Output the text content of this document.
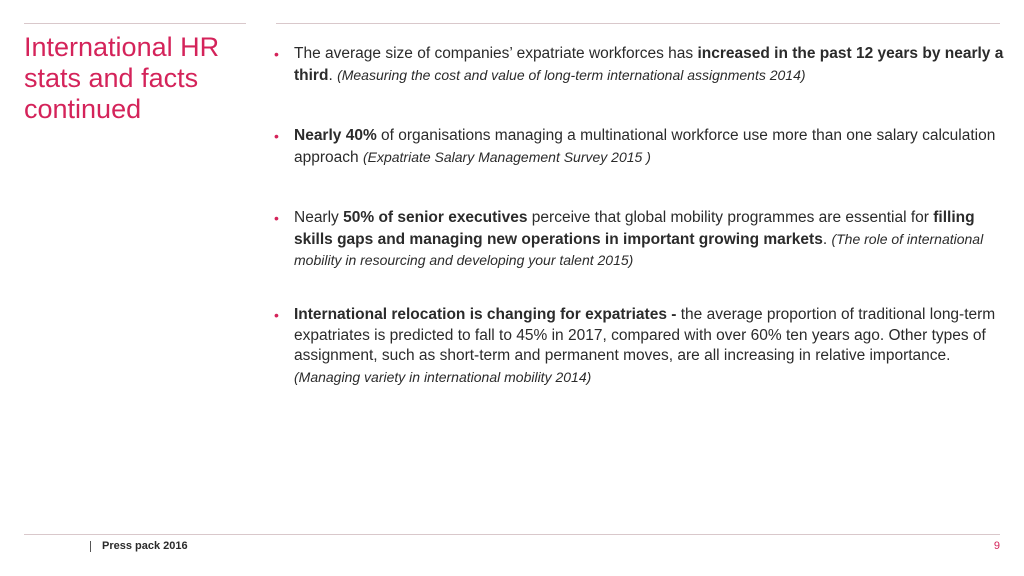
International HR stats and facts continued
• The average size of companies’ expatriate workforces has increased in the past 12 years by nearly a third. (Measuring the cost and value of long-term international assignments 2014)
• Nearly 40% of organisations managing a multinational workforce use more than one salary calculation approach (Expatriate Salary Management Survey 2015 )
• Nearly 50% of senior executives perceive that global mobility programmes are essential for filling skills gaps and managing new operations in important growing markets. (The role of international mobility in resourcing and developing your talent 2015)
• International relocation is changing for expatriates - the average proportion of traditional long-term expatriates is predicted to fall to 45% in 2017, compared with over 60% ten years ago. Other types of assignment, such as short-term and permanent moves, are all increasing in relative importance. (Managing variety in international mobility 2014)
Press pack 2016	9
